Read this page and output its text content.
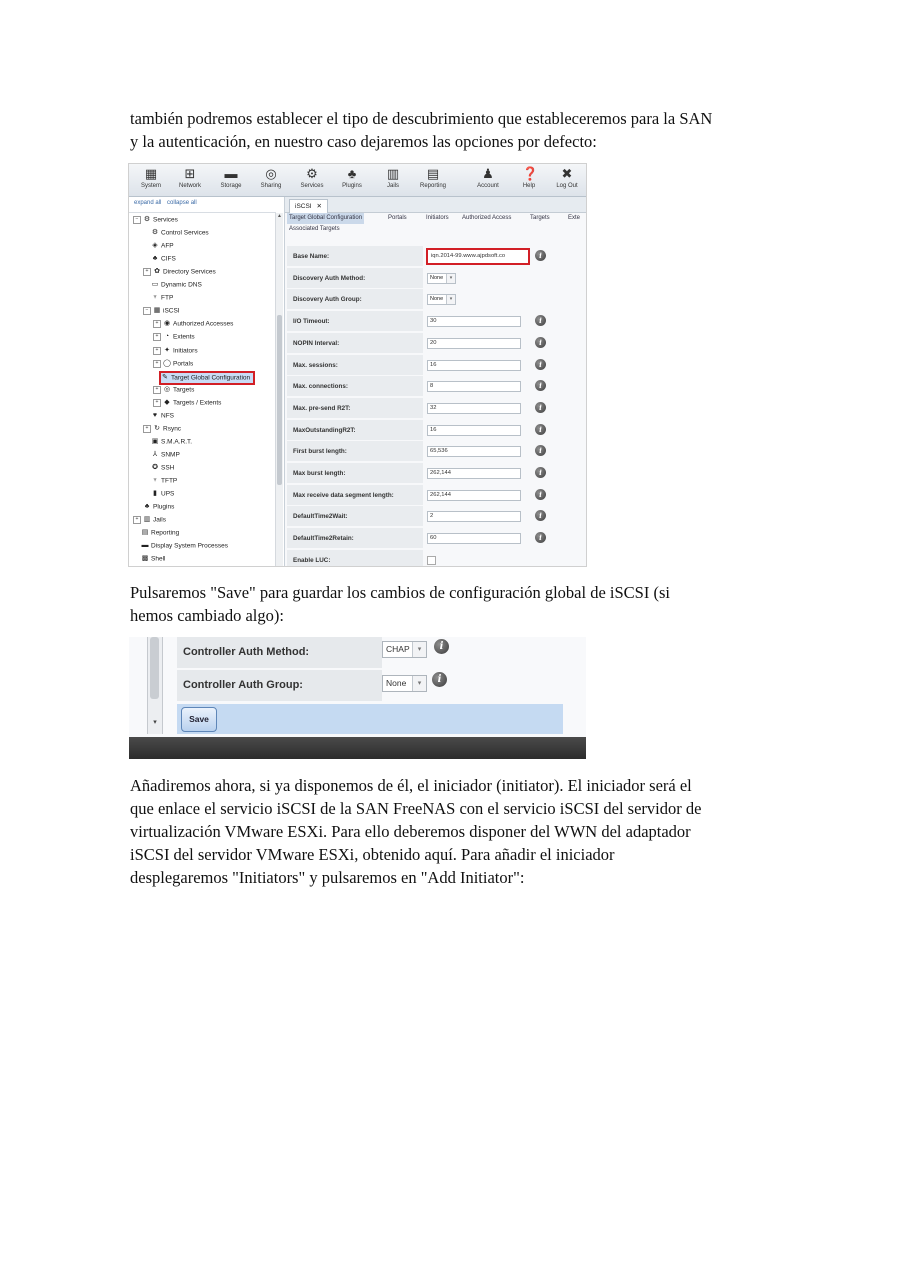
también podremos establecer el tipo de descubrimiento que estableceremos para la SAN
y la autenticación, en nuestro caso dejaremos las opciones por defecto:

▦
System
⊞
Network
▬
Storage
◎
Sharing
⚙
Services
♣
Plugins
▥
Jails
▤
Reporting
♟
Account
❓
Help
✖
Log Out
expand all collapse all
− ⚙ Services
⚙ Control Services
◈ AFP
♣ CIFS
+ ✿ Directory Services
▭ Dynamic DNS
♆ FTP
− ▦ iSCSI
+ ◉ Authorized Accesses
+ ◔ Extents
+ ✦ Initiators
+ ◯ Portals
✎ Target Global Configuration
+ ◎ Targets
+ ◆ Targets / Extents
♥ NFS
+ ↻ Rsync
▣ S.M.A.R.T.
⅄ SNMP
✪ SSH
♆ TFTP
▮ UPS
♣ Plugins
+ ▥ Jails
▤ Reporting
▬ Display System Processes
▩ Shell
▲
iSCSI ✕
Target Global Configuration	Portals	Initiators	Authorized Access	Targets	Exte
Associated Targets
Base Name:	iqn.2014-99.www.ajpdsoft.co	i
Discovery Auth Method:	None	▾
Discovery Auth Group:	None	▾
I/O Timeout:	30	i
NOPIN Interval:	20	i
Max. sessions:	16	i
Max. connections:	8	i
Max. pre-send R2T:	32	i
MaxOutstandingR2T:	16	i
First burst length:	65,536	i
Max burst length:	262,144	i
Max receive data segment length:	262,144	i
DefaultTime2Wait:	2	i
DefaultTime2Retain:	60	i
Enable LUC:

Pulsaremos "Save" para guardar los cambios de configuración global de iSCSI (si
hemos cambiado algo):

▾
Controller Auth Method:	CHAP	▾	i
Controller Auth Group:	None	▾	i
Save

Añadiremos ahora, si ya disponemos de él, el iniciador (initiator). El iniciador será el
que enlace el servicio iSCSI de la SAN FreeNAS con el servicio iSCSI del servidor de
virtualización VMware ESXi. Para ello deberemos disponer del WWN del adaptador
iSCSI del servidor VMware ESXi, obtenido aquí. Para añadir el iniciador
desplegaremos "Initiators" y pulsaremos en "Add Initiator":
